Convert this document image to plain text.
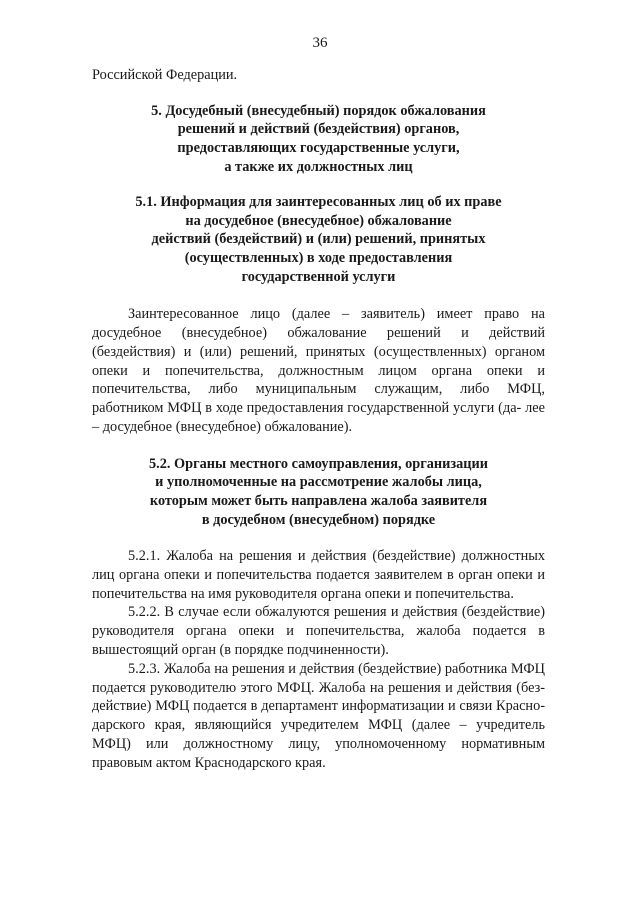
36

Российской Федерации.

5. Досудебный (внесудебный) порядок обжалования
решений и действий (бездействия) органов,
предоставляющих государственные услуги,
а также их должностных лиц
5.1. Информация для заинтересованных лиц об их праве
на досудебное (внесудебное) обжалование
действий (бездействий) и (или) решений, принятых
(осуществленных) в ходе предоставления
государственной услуги

Заинтересованное лицо (далее – заявитель) имеет право на досудебное (внесудебное) обжалование решений и действий (бездействия) и (или) решений, принятых (осуществленных) органом опеки и попечительства, должностным лицом органа опеки и попечительства, либо муниципальным служащим, либо МФЦ, работником МФЦ в ходе предоставления государственной услуги (да- лее – досудебное (внесудебное) обжалование).

5.2. Органы местного самоуправления, организации
и уполномоченные на рассмотрение жалобы лица,
которым может быть направлена жалоба заявителя
в досудебном (внесудебном) порядке

5.2.1. Жалоба на решения и действия (бездействие) должностных лиц органа опеки и попечительства подается заявителем в орган опеки и попечительства на имя руководителя органа опеки и попечительства.

5.2.2. В случае если обжалуются решения и действия (бездействие) руководителя органа опеки и попечительства, жалоба подается в вышестоящий орган (в порядке подчиненности).

5.2.3. Жалоба на решения и действия (бездействие) работника МФЦ подается руководителю этого МФЦ. Жалоба на решения и действия (бездействие) МФЦ подается в департамент информатизации и связи Краснодарского края, являющийся учредителем МФЦ (далее – учредитель МФЦ) или должностному лицу, уполномоченному нормативным правовым актом Краснодарского края.
